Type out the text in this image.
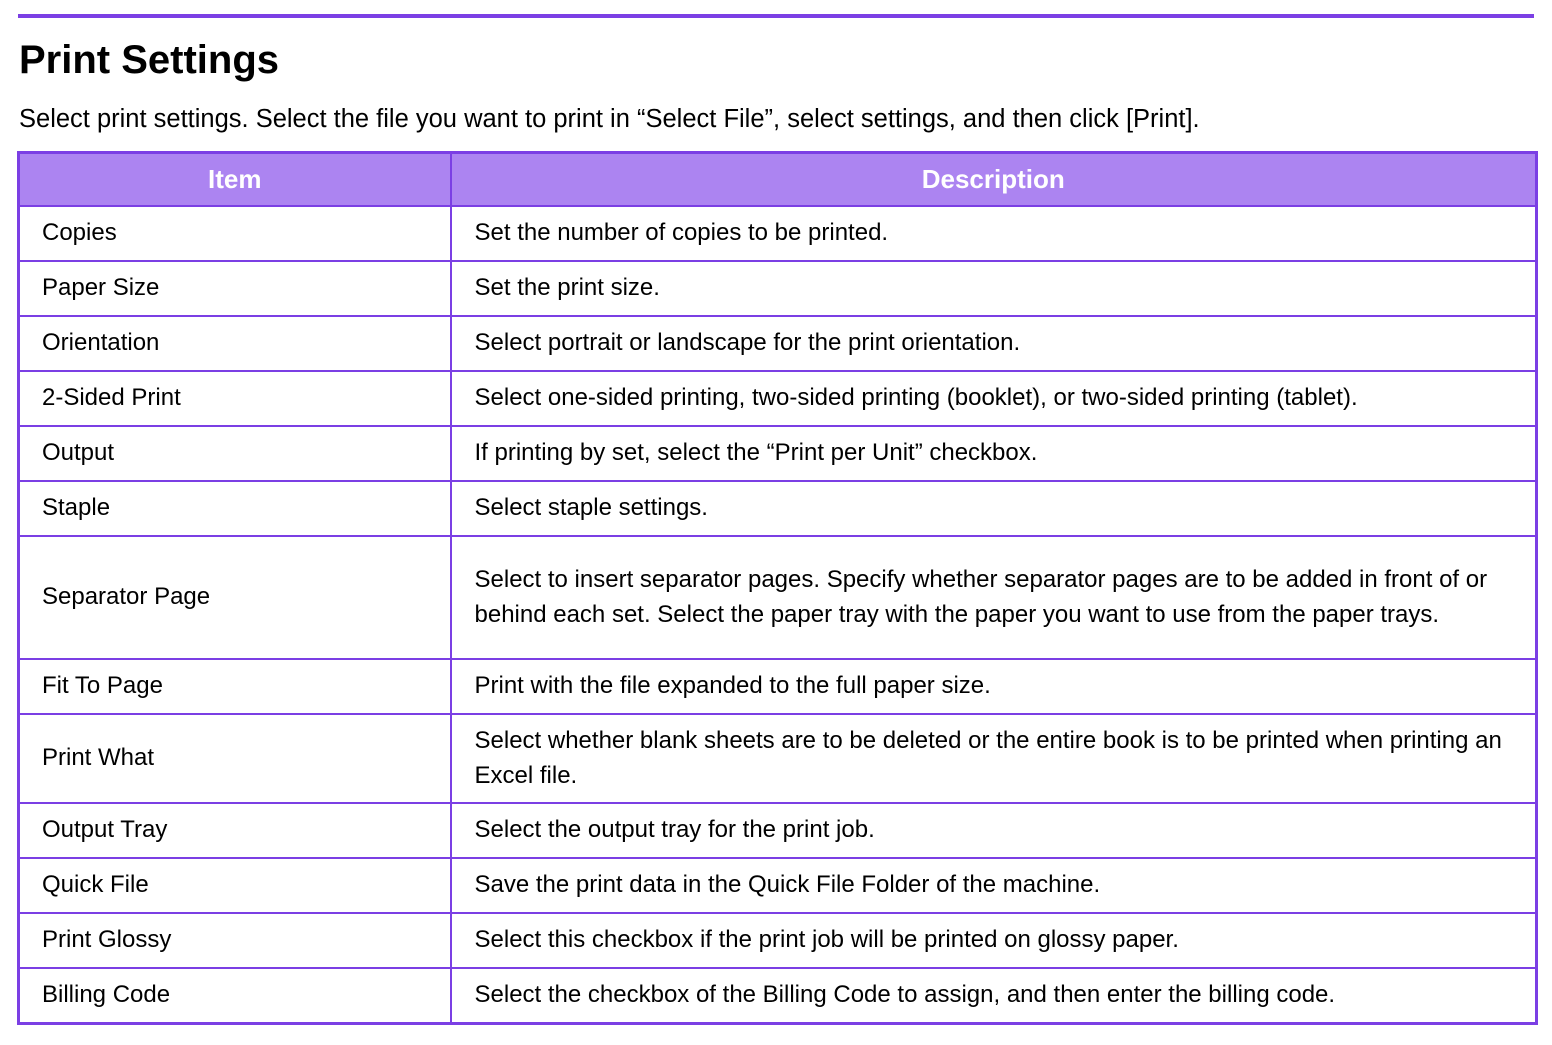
Print Settings

Select print settings. Select the file you want to print in “Select File”, select settings, and then click [Print].

Item	Description
Copies	Set the number of copies to be printed.
Paper Size	Set the print size.
Orientation	Select portrait or landscape for the print orientation.
2-Sided Print	Select one-sided printing, two-sided printing (booklet), or two-sided printing (tablet).
Output	If printing by set, select the “Print per Unit” checkbox.
Staple	Select staple settings.
Separator Page	Select to insert separator pages. Specify whether separator pages are to be added in front of or behind each set. Select the paper tray with the paper you want to use from the paper trays.
Fit To Page	Print with the file expanded to the full paper size.
Print What	Select whether blank sheets are to be deleted or the entire book is to be printed when printing an Excel file.
Output Tray	Select the output tray for the print job.
Quick File	Save the print data in the Quick File Folder of the machine.
Print Glossy	Select this checkbox if the print job will be printed on glossy paper.
Billing Code	Select the checkbox of the Billing Code to assign, and then enter the billing code.
